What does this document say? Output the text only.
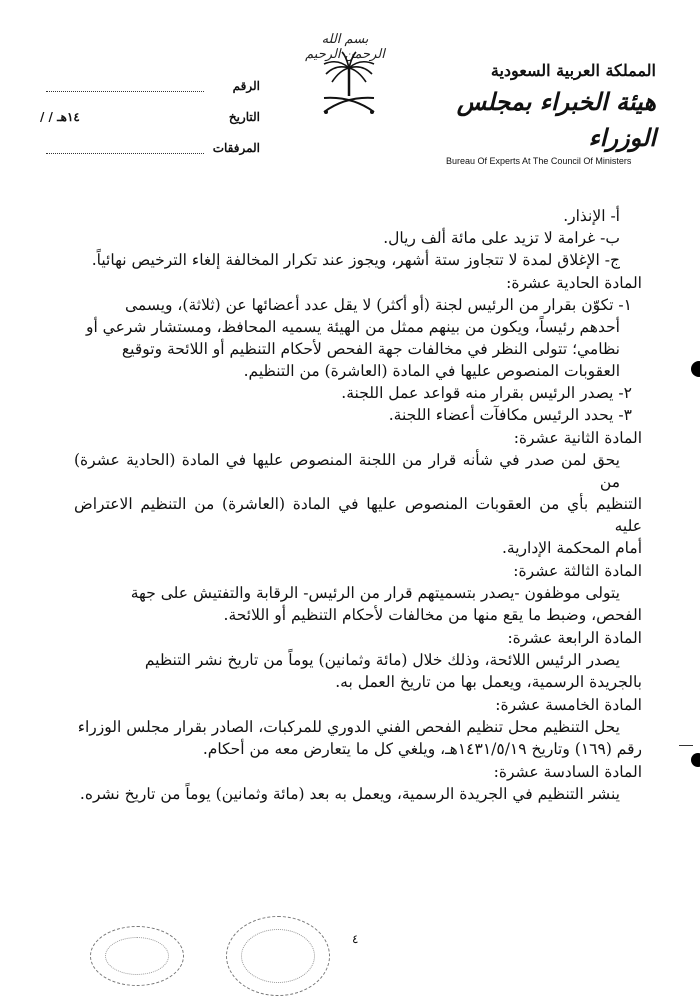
بسم الله الرحمن الرحيم
الرقم
التاريخ
/ / ١٤هـ
المرفقات
المملكة العربية السعودية
هيئة الخبراء بمجلس الوزراء
Bureau Of Experts At The Council Of Ministers

أ- الإنذار.

ب- غرامة لا تزيد على مائة ألف ريال.

ج- الإغلاق لمدة لا تتجاوز ستة أشهر، ويجوز عند تكرار المخالفة إلغاء الترخيص نهائياً.

المادة الحادية عشرة:

١- تكوّن بقرار من الرئيس لجنة (أو أكثر) لا يقل عدد أعضائها عن (ثلاثة)، ويسمى

أحدهم رئيساً، ويكون من بينهم ممثل من الهيئة يسميه المحافظ، ومستشار شرعي أو

نظامي؛ تتولى النظر في مخالفات جهة الفحص لأحكام التنظيم أو اللائحة وتوقيع

العقوبات المنصوص عليها في المادة (العاشرة) من التنظيم.

٢- يصدر الرئيس بقرار منه قواعد عمل اللجنة.

٣- يحدد الرئيس مكافآت أعضاء اللجنة.

المادة الثانية عشرة:

يحق لمن صدر في شأنه قرار من اللجنة المنصوص عليها في المادة (الحادية عشرة) من

التنظيم بأي من العقوبات المنصوص عليها في المادة (العاشرة) من التنظيم الاعتراض عليه

أمام المحكمة الإدارية.

المادة الثالثة عشرة:

يتولى موظفون -يصدر بتسميتهم قرار من الرئيس- الرقابة والتفتيش على جهة

الفحص، وضبط ما يقع منها من مخالفات لأحكام التنظيم أو اللائحة.

المادة الرابعة عشرة:

يصدر الرئيس اللائحة، وذلك خلال (مائة وثمانين) يوماً من تاريخ نشر التنظيم

بالجريدة الرسمية، ويعمل بها من تاريخ العمل به.

المادة الخامسة عشرة:

يحل التنظيم محل تنظيم الفحص الفني الدوري للمركبات، الصادر بقرار مجلس الوزراء

رقم (١٦٩) وتاريخ ١٤٣١/٥/١٩هـ، ويلغي كل ما يتعارض معه من أحكام.

المادة السادسة عشرة:

ينشر التنظيم في الجريدة الرسمية، ويعمل به بعد (مائة وثمانين) يوماً من تاريخ نشره.

٤
